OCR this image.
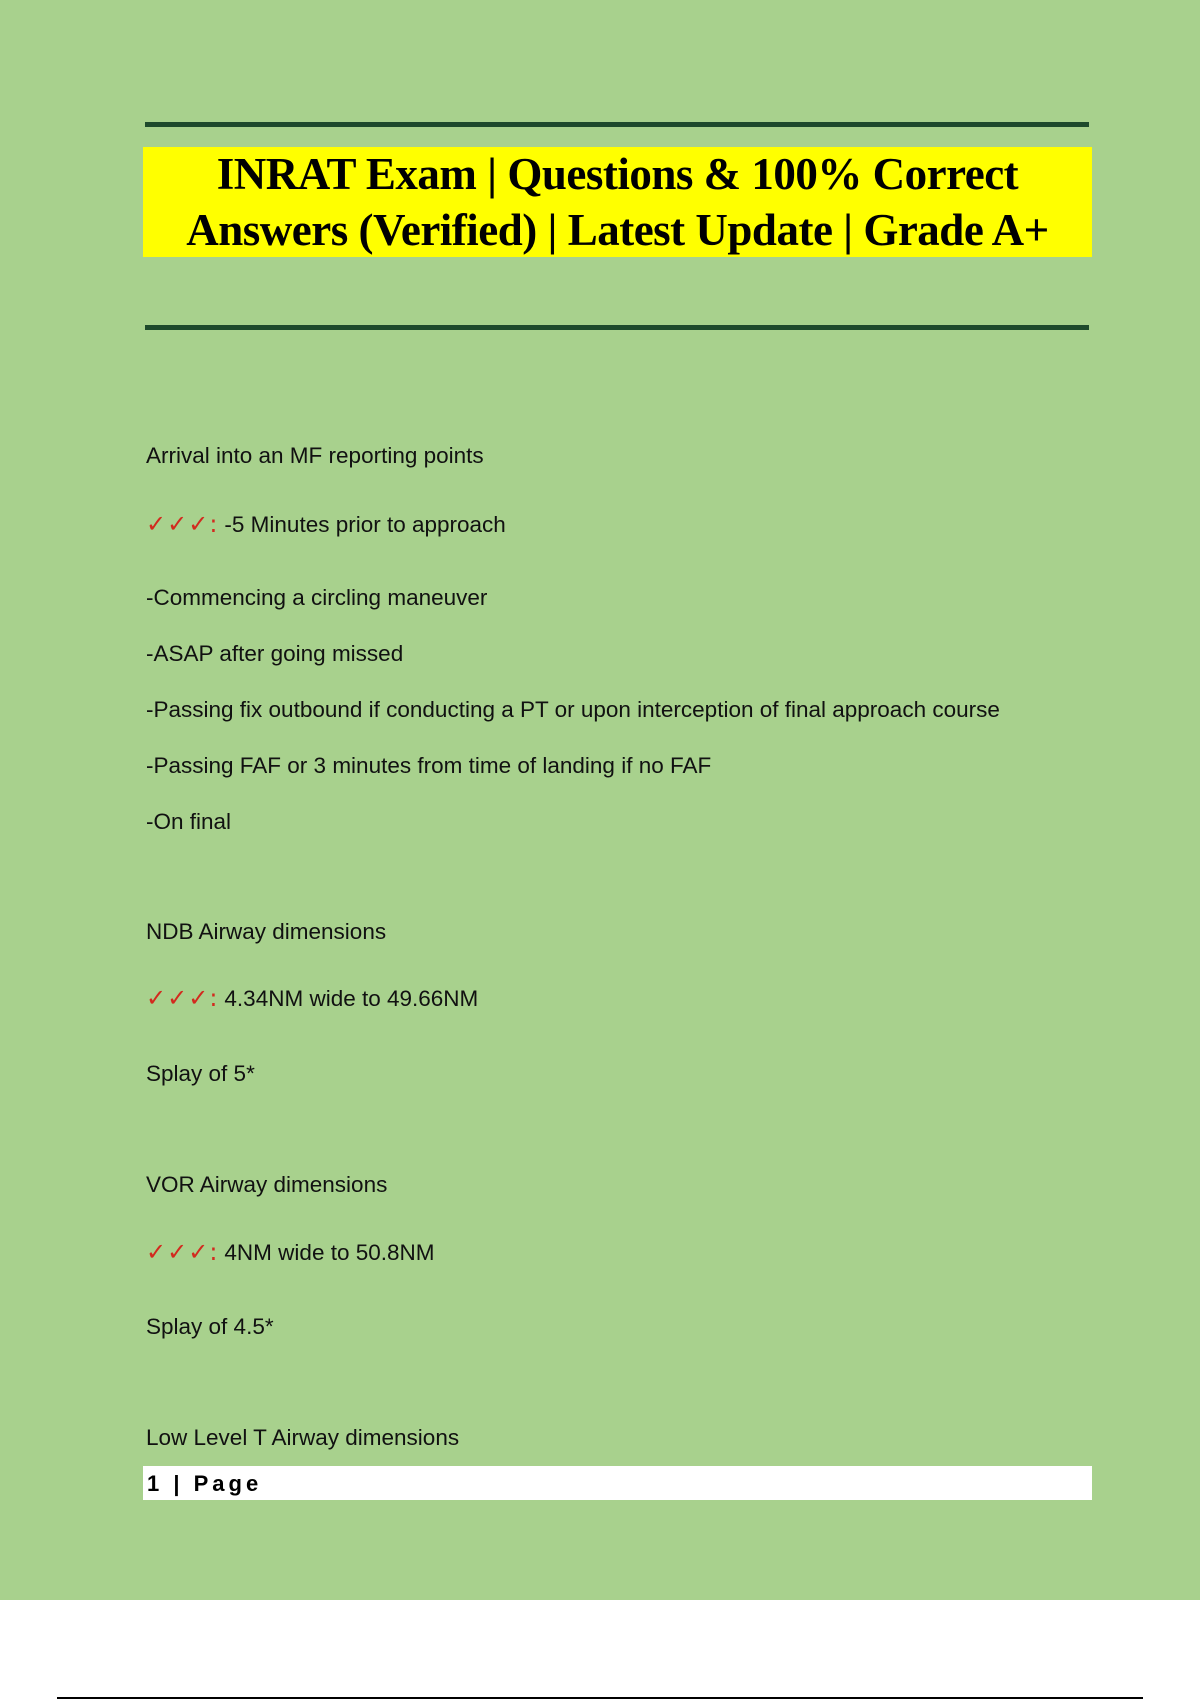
INRAT Exam | Questions & 100% Correct
Answers (Verified) | Latest Update | Grade A+
Arrival into an MF reporting points
✓✓✓: -5 Minutes prior to approach
-Commencing a circling maneuver
-ASAP after going missed
-Passing fix outbound if conducting a PT or upon interception of final approach course
-Passing FAF or 3 minutes from time of landing if no FAF
-On final
NDB Airway dimensions
✓✓✓: 4.34NM wide to 49.66NM
Splay of 5*
VOR Airway dimensions
✓✓✓: 4NM wide to 50.8NM
Splay of 4.5*
Low Level T Airway dimensions
1 | Page
